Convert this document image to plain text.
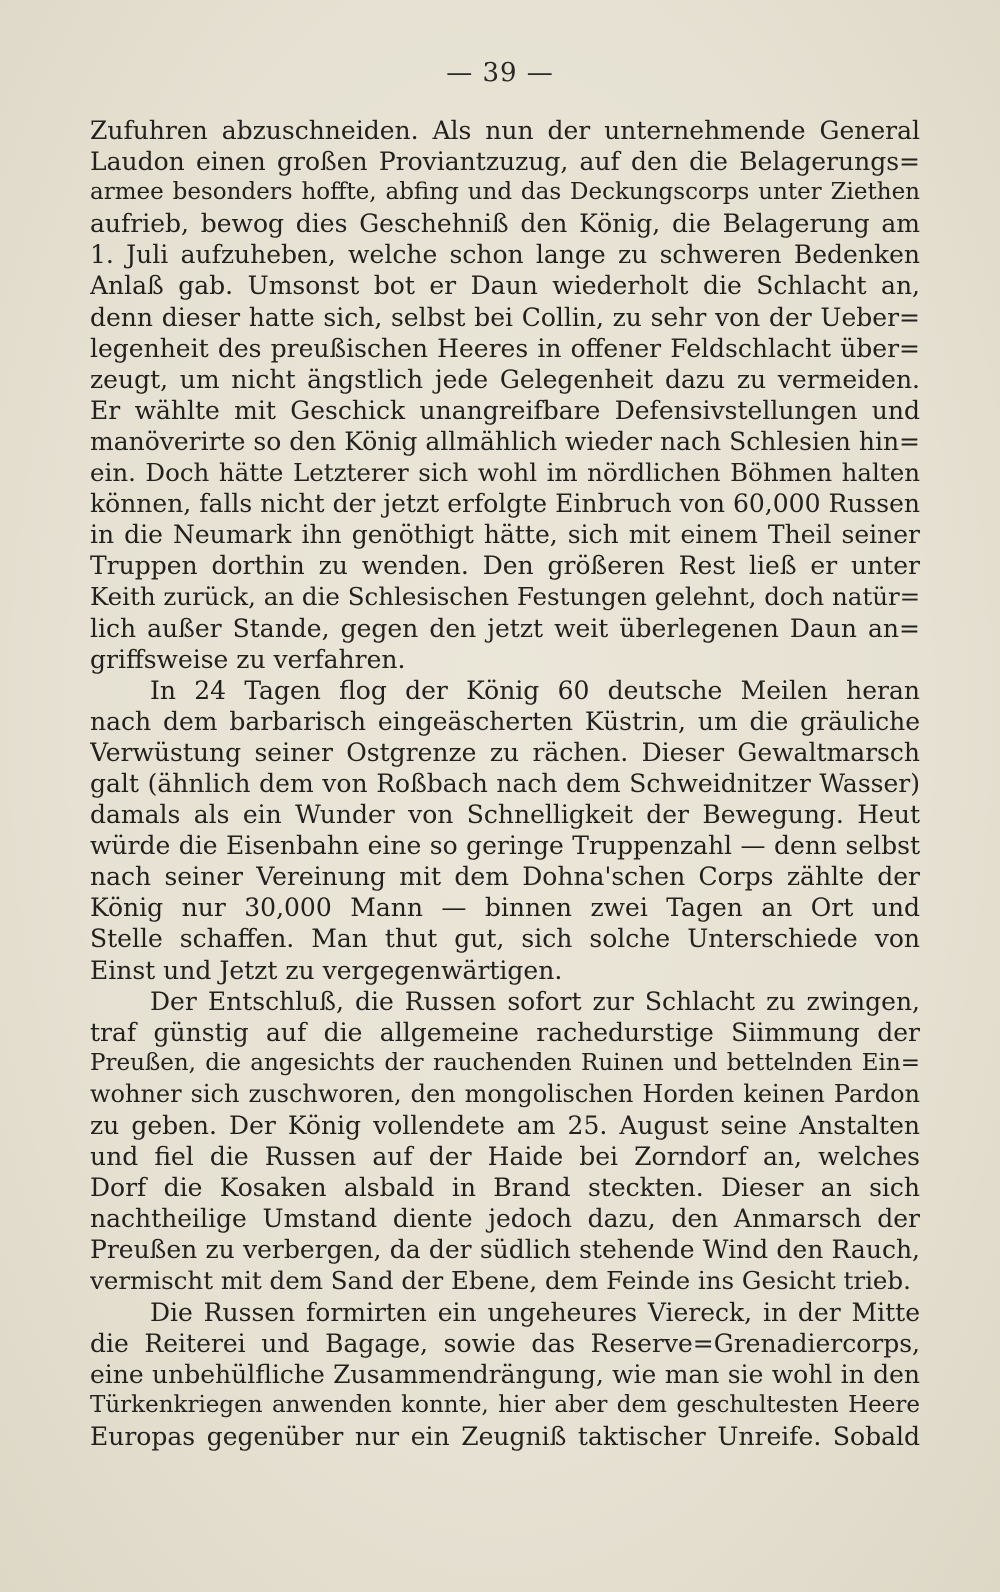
— 39 —
Zufuhren abzuschneiden. Als nun der unternehmende General
Laudon einen großen Proviantzuzug, auf den die Belagerungs=
armee besonders hoffte, abfing und das Deckungscorps unter Ziethen
aufrieb, bewog dies Geschehniß den König, die Belagerung am
1. Juli aufzuheben, welche schon lange zu schweren Bedenken
Anlaß gab. Umsonst bot er Daun wiederholt die Schlacht an,
denn dieser hatte sich, selbst bei Collin, zu sehr von der Ueber=
legenheit des preußischen Heeres in offener Feldschlacht über=
zeugt, um nicht ängstlich jede Gelegenheit dazu zu vermeiden.
Er wählte mit Geschick unangreifbare Defensivstellungen und
manöverirte so den König allmählich wieder nach Schlesien hin=
ein. Doch hätte Letzterer sich wohl im nördlichen Böhmen halten
können, falls nicht der jetzt erfolgte Einbruch von 60,000 Russen
in die Neumark ihn genöthigt hätte, sich mit einem Theil seiner
Truppen dorthin zu wenden. Den größeren Rest ließ er unter
Keith zurück, an die Schlesischen Festungen gelehnt, doch natür=
lich außer Stande, gegen den jetzt weit überlegenen Daun an=
griffsweise zu verfahren.
In 24 Tagen flog der König 60 deutsche Meilen heran
nach dem barbarisch eingeäscherten Küstrin, um die gräuliche
Verwüstung seiner Ostgrenze zu rächen. Dieser Gewaltmarsch
galt (ähnlich dem von Roßbach nach dem Schweidnitzer Wasser)
damals als ein Wunder von Schnelligkeit der Bewegung. Heut
würde die Eisenbahn eine so geringe Truppenzahl — denn selbst
nach seiner Vereinung mit dem Dohna'schen Corps zählte der
König nur 30,000 Mann — binnen zwei Tagen an Ort und
Stelle schaffen. Man thut gut, sich solche Unterschiede von
Einst und Jetzt zu vergegenwärtigen.
Der Entschluß, die Russen sofort zur Schlacht zu zwingen,
traf günstig auf die allgemeine rachedurstige Siimmung der
Preußen, die angesichts der rauchenden Ruinen und bettelnden Ein=
wohner sich zuschworen, den mongolischen Horden keinen Pardon
zu geben. Der König vollendete am 25. August seine Anstalten
und fiel die Russen auf der Haide bei Zorndorf an, welches
Dorf die Kosaken alsbald in Brand steckten. Dieser an sich
nachtheilige Umstand diente jedoch dazu, den Anmarsch der
Preußen zu verbergen, da der südlich stehende Wind den Rauch,
vermischt mit dem Sand der Ebene, dem Feinde ins Gesicht trieb.
Die Russen formirten ein ungeheures Viereck, in der Mitte
die Reiterei und Bagage, sowie das Reserve=Grenadiercorps,
eine unbehülfliche Zusammendrängung, wie man sie wohl in den
Türkenkriegen anwenden konnte, hier aber dem geschultesten Heere
Europas gegenüber nur ein Zeugniß taktischer Unreife. Sobald
